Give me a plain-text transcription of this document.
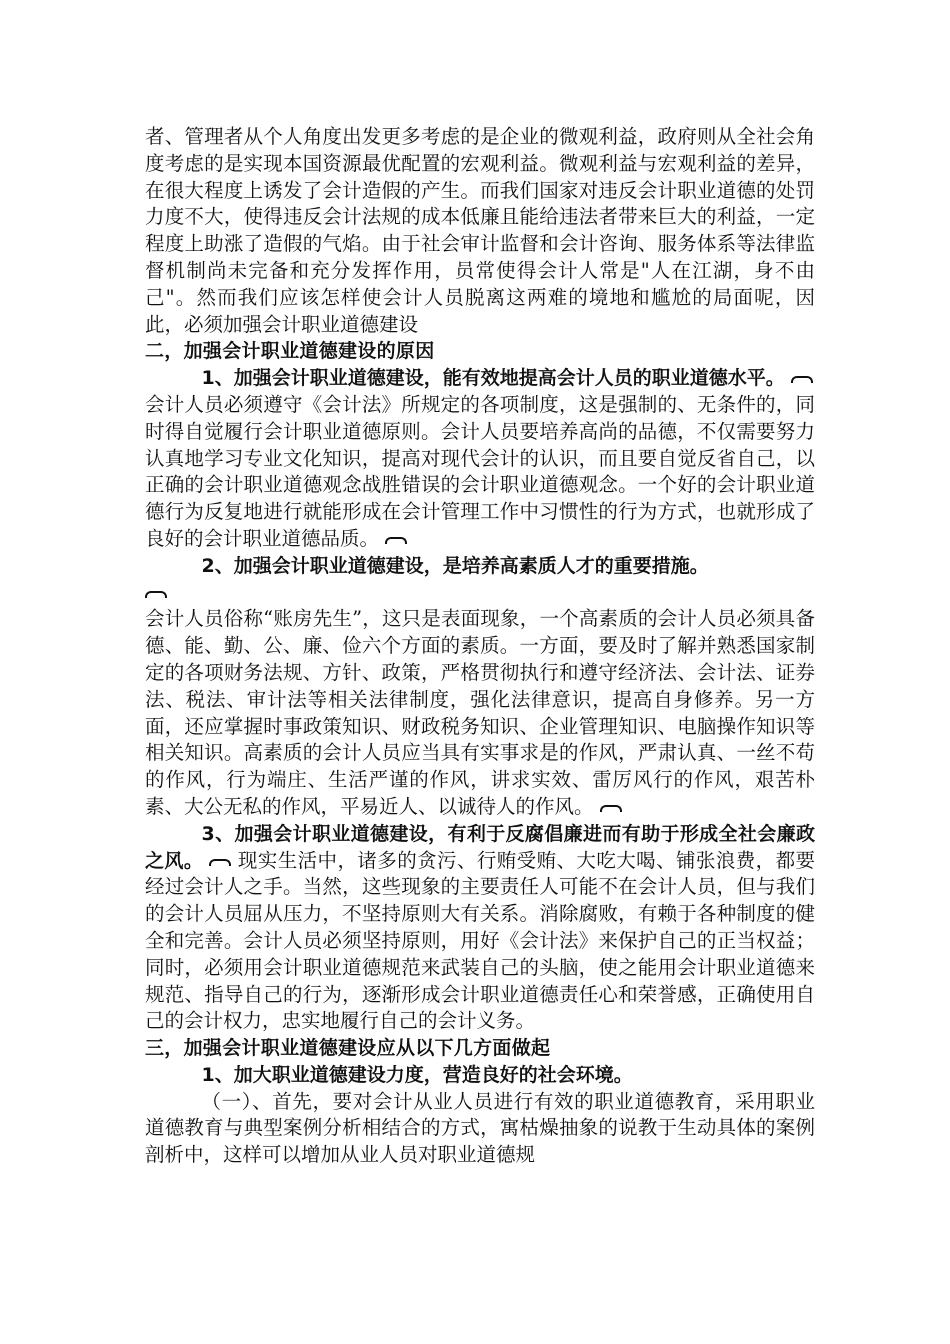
者、管理者从个人角度出发更多考虑的是企业的微观利益，政府则从全社会角度考虑的是实现本国资源最优配置的宏观利益。微观利益与宏观利益的差异，在很大程度上诱发了会计造假的产生。而我们国家对违反会计职业道德的处罚力度不大，使得违反会计法规的成本低廉且能给违法者带来巨大的利益，一定程度上助涨了造假的气焰。由于社会审计监督和会计咨询、服务体系等法律监督机制尚未完备和充分发挥作用，员常使得会计人常是"人在江湖，身不由己"。然而我们应该怎样使会计人员脱离这两难的境地和尴尬的局面呢，因此，必须加强会计职业道德建设

二，加强会计职业道德建设的原因

1、加强会计职业道德建设，能有效地提高会计人员的职业道德水平。

会计人员必须遵守《会计法》所规定的各项制度，这是强制的、无条件的，同时得自觉履行会计职业道德原则。会计人员要培养高尚的品德，不仅需要努力认真地学习专业文化知识，提高对现代会计的认识，而且要自觉反省自己，以正确的会计职业道德观念战胜错误的会计职业道德观念。一个好的会计职业道德行为反复地进行就能形成在会计管理工作中习惯性的行为方式，也就形成了良好的会计职业道德品质。

2、加强会计职业道德建设，是培养高素质人才的重要措施。

会计人员俗称“账房先生”，这只是表面现象，一个高素质的会计人员必须具备德、能、勤、公、廉、俭六个方面的素质。一方面，要及时了解并熟悉国家制定的各项财务法规、方针、政策，严格贯彻执行和遵守经济法、会计法、证券法、税法、审计法等相关法律制度，强化法律意识，提高自身修养。另一方面，还应掌握时事政策知识、财政税务知识、企业管理知识、电脑操作知识等相关知识。高素质的会计人员应当具有实事求是的作风，严肃认真、一丝不苟的作风，行为端庄、生活严谨的作风，讲求实效、雷厉风行的作风，艰苦朴素、大公无私的作风，平易近人、以诚待人的作风。

3、加强会计职业道德建设，有利于反腐倡廉进而有助于形成全社会廉政之风。 现实生活中，诸多的贪污、行贿受贿、大吃大喝、铺张浪费，都要经过会计人之手。当然，这些现象的主要责任人可能不在会计人员，但与我们的会计人员屈从压力，不坚持原则大有关系。消除腐败，有赖于各种制度的健全和完善。会计人员必须坚持原则，用好《会计法》来保护自己的正当权益；同时，必须用会计职业道德规范来武装自己的头脑，使之能用会计职业道德来规范、指导自己的行为，逐渐形成会计职业道德责任心和荣誉感，正确使用自己的会计权力，忠实地履行自己的会计义务。

三，加强会计职业道德建设应从以下几方面做起

1、加大职业道德建设力度，营造良好的社会环境。

（一）、首先，要对会计从业人员进行有效的职业道德教育，采用职业道德教育与典型案例分析相结合的方式，寓枯燥抽象的说教于生动具体的案例剖析中，这样可以增加从业人员对职业道德规
